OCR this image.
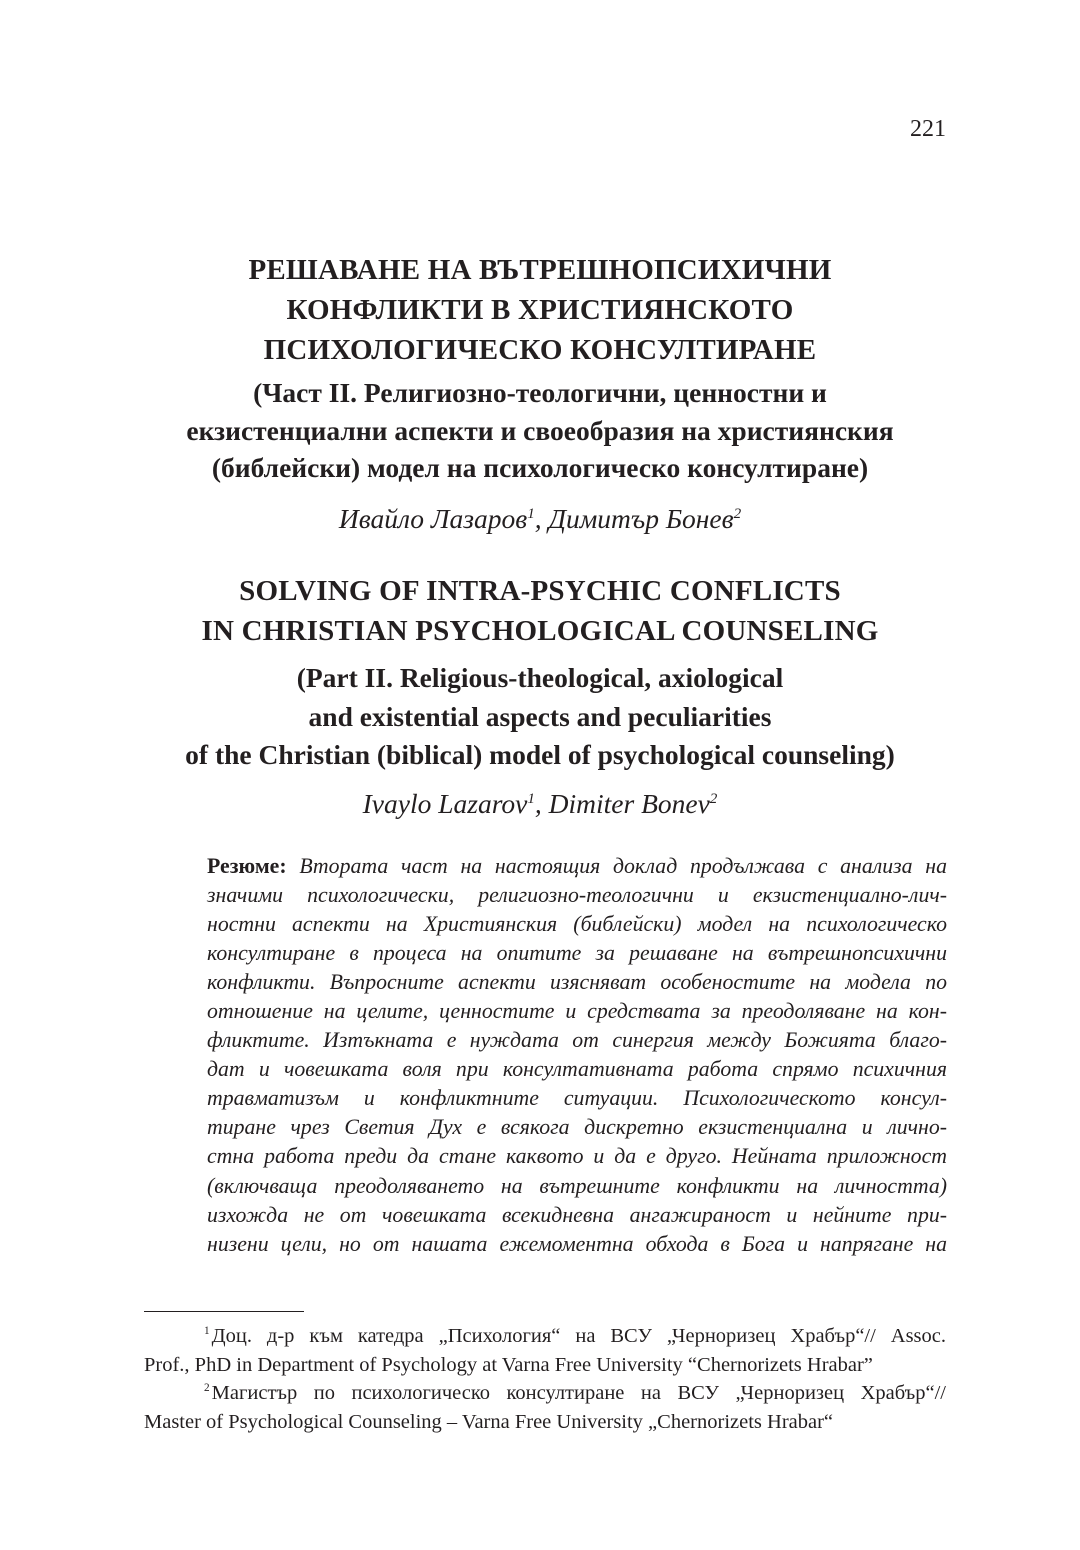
221
РЕШАВАНЕ НА ВЪТРЕШНОПСИХИЧНИ
КОНФЛИКТИ В ХРИСТИЯНСКОТО
ПСИХОЛОГИЧЕСКО КОНСУЛТИРАНЕ
(Част II. Религиозно-теологични, ценностни и
екзистенциални аспекти и своеобразия на християнския
(библейски) модел на психологическо консултиране)
Ивайло Лазаров$^1$, Димитър Бонев$^2$
SOLVING OF INTRA-PSYCHIC CONFLICTS
IN CHRISTIAN PSYCHOLOGICAL COUNSELING
(Part II. Religious-theological, axiological
and existential aspects and peculiarities
of the Christian (biblical) model of psychological counseling)
Ivaylo Lazarov$^1$, Dimiter Bonev$^2$
Резюме: Втората част на настоящия доклад продължава с анализа на
значими психологически, религиозно-теологични и екзистенциално-лич-
ностни аспекти на Християнския (библейски) модел на психологическо
консултиране в процеса на опитите за решаване на вътрешнопсихични
конфликти. Въпросните аспекти изясняват особеностите на модела по
отношение на целите, ценностите и средствата за преодоляване на кон-
фликтите. Изтъкната е нуждата от синергия между Божията благо-
дат и човешката воля при консултативната работа спрямо психичния
травматизъм и конфликтните ситуации. Психологическото консул-
тиране чрез Светия Дух е всякога дискретно екзистенциална и лично-
стна работа преди да стане каквото и да е друго. Нейната приложност
(включваща преодоляването на вътрешните конфликти на личността)
изхожда не от човешката всекидневна ангажираност и нейните при-
низени цели, но от нашата ежемоментна обхода в Бога и напрягане на
$^1$Доц. д-р към катедра „Психология“ на ВСУ „Черноризец Храбър“// Assoc.
Prof., PhD in Department of Psychology at Varna Free University “Chernorizets Hrabar”
$^2$Магистър по психологическо консултиране на ВСУ „Черноризец Храбър“//
Master of Psychological Counseling – Varna Free University „Chernorizets Hrabar“
